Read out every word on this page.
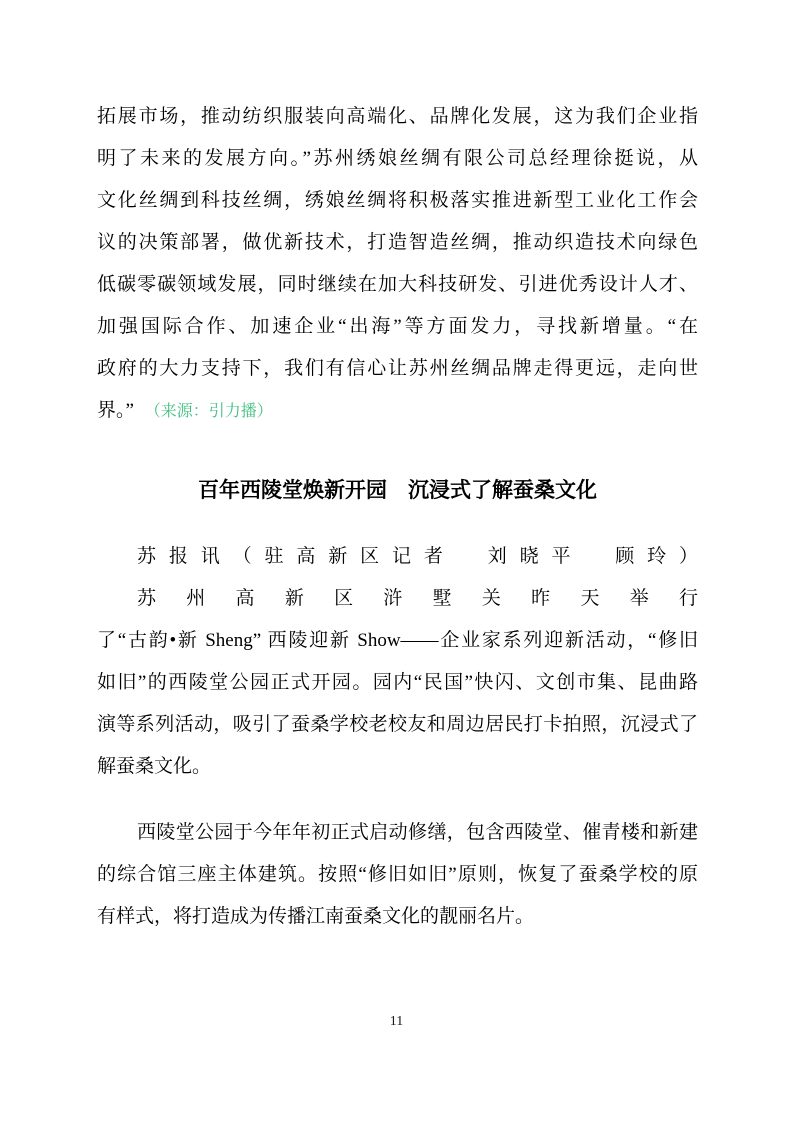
拓展市场，推动纺织服装向高端化、品牌化发展，这为我们企业指
明了未来的发展方向。”苏州绣娘丝绸有限公司总经理徐挺说，从
文化丝绸到科技丝绸，绣娘丝绸将积极落实推进新型工业化工作会
议的决策部署，做优新技术，打造智造丝绸，推动织造技术向绿色
低碳零碳领域发展，同时继续在加大科技研发、引进优秀设计人才、
加强国际合作、加速企业“出海”等方面发力，寻找新增量。“在
政府的大力支持下，我们有信心让苏州丝绸品牌走得更远，走向世
界。” （来源：引力播）
百年西陵堂焕新开园　沉浸式了解蚕桑文化
苏报讯（驻高新区记者　刘晓平　顾玲）苏州高新区浒墅关昨天举行
了“古韵•新 Sheng” 西陵迎新 Show——企业家系列迎新活动，“修旧
如旧”的西陵堂公园正式开园。园内“民国”快闪、文创市集、昆曲路
演等系列活动，吸引了蚕桑学校老校友和周边居民打卡拍照，沉浸式了
解蚕桑文化。
西陵堂公园于今年年初正式启动修缮，包含西陵堂、催青楼和新建
的综合馆三座主体建筑。按照“修旧如旧”原则，恢复了蚕桑学校的原
有样式，将打造成为传播江南蚕桑文化的靓丽名片。
11
